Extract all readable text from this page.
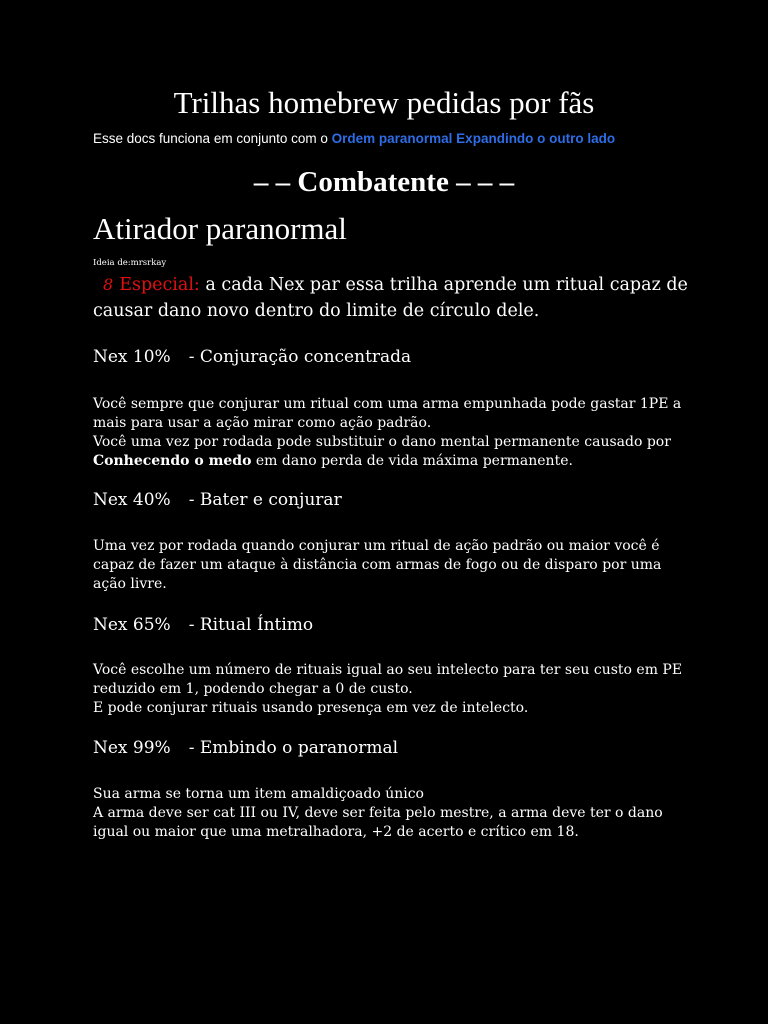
Trilhas homebrew pedidas por fãs

Esse docs funciona em conjunto com o Ordem paranormal Expandindo o outro lado

– – Combatente – – –
Atirador paranormal
Ideia de:mrsrkay

8 Especial: a cada Nex par essa trilha aprende um ritual capaz de causar dano novo dentro do limite de círculo dele.

Nex 10% - Conjuração concentrada

Você sempre que conjurar um ritual com uma arma empunhada pode gastar 1PE a mais para usar a ação mirar como ação padrão.
Você uma vez por rodada pode substituir o dano mental permanente causado por
Conhecendo o medo em dano perda de vida máxima permanente.

Nex 40% - Bater e conjurar

Uma vez por rodada quando conjurar um ritual de ação padrão ou maior você é capaz de fazer um ataque à distância com armas de fogo ou de disparo por uma ação livre.

Nex 65% - Ritual Íntimo

Você escolhe um número de rituais igual ao seu intelecto para ter seu custo em PE reduzido em 1, podendo chegar a 0 de custo.
E pode conjurar rituais usando presença em vez de intelecto.

Nex 99% - Embindo o paranormal

Sua arma se torna um item amaldiçoado único
A arma deve ser cat III ou IV, deve ser feita pelo mestre, a arma deve ter o dano igual ou maior que uma metralhadora, +2 de acerto e crítico em 18.
